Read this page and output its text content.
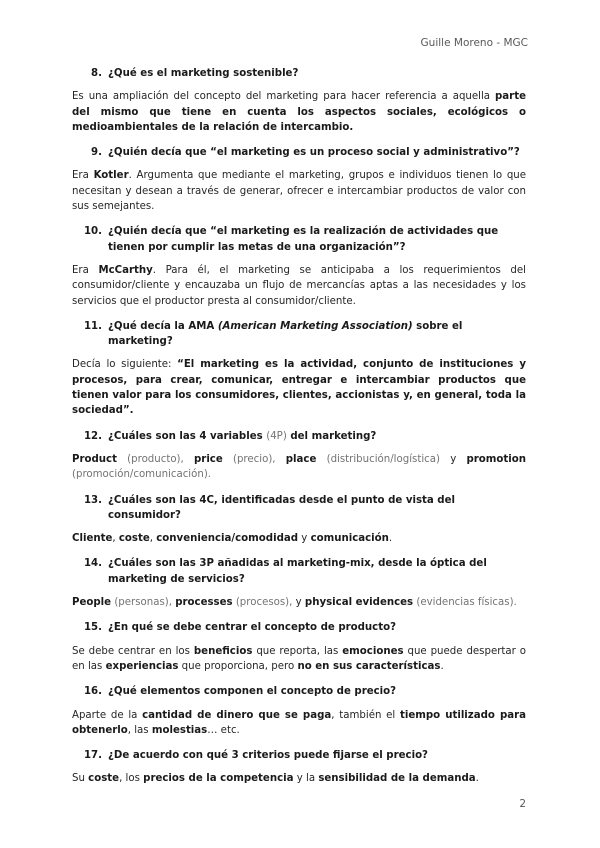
Guille Moreno - MGC
8. ¿Qué es el marketing sostenible?

Es una ampliación del concepto del marketing para hacer referencia a aquella parte del mismo que tiene en cuenta los aspectos sociales, ecológicos o medioambientales de la relación de intercambio.

9. ¿Quién decía que “el marketing es un proceso social y administrativo”?

Era Kotler. Argumenta que mediante el marketing, grupos e individuos tienen lo que necesitan y desean a través de generar, ofrecer e intercambiar productos de valor con sus semejantes.

10. ¿Quién decía que “el marketing es la realización de actividades que tienen por cumplir las metas de una organización”?

Era McCarthy. Para él, el marketing se anticipaba a los requerimientos del consumidor/cliente y encauzaba un flujo de mercancías aptas a las necesidades y los servicios que el productor presta al consumidor/cliente.

11. ¿Qué decía la AMA (American Marketing Association) sobre el marketing?

Decía lo siguiente: “El marketing es la actividad, conjunto de instituciones y procesos, para crear, comunicar, entregar e intercambiar productos que tienen valor para los consumidores, clientes, accionistas y, en general, toda la sociedad”.

12. ¿Cuáles son las 4 variables (4P) del marketing?

Product (producto), price (precio), place (distribución/logística) y promotion (promoción/comunicación).

13. ¿Cuáles son las 4C, identificadas desde el punto de vista del consumidor?

Cliente, coste, conveniencia/comodidad y comunicación.

14. ¿Cuáles son las 3P añadidas al marketing-mix, desde la óptica del marketing de servicios?

People (personas), processes (procesos), y physical evidences (evidencias físicas).

15. ¿En qué se debe centrar el concepto de producto?

Se debe centrar en los beneficios que reporta, las emociones que puede despertar o en las experiencias que proporciona, pero no en sus características.

16. ¿Qué elementos componen el concepto de precio?

Aparte de la cantidad de dinero que se paga, también el tiempo utilizado para obtenerlo, las molestias… etc.

17. ¿De acuerdo con qué 3 criterios puede fijarse el precio?

Su coste, los precios de la competencia y la sensibilidad de la demanda.

2
